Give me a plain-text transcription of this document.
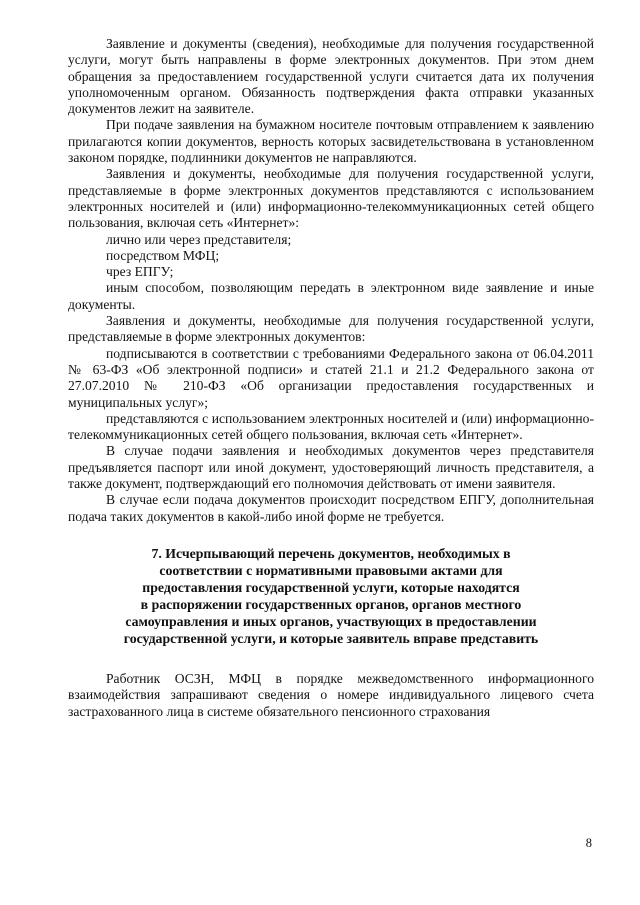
Заявление и документы (сведения), необходимые для получения государственной услуги, могут быть направлены в форме электронных документов. При этом днем обращения за предоставлением государственной услуги считается дата их получения уполномоченным органом. Обязанность подтверждения факта отправки указанных документов лежит на заявителе.

При подаче заявления на бумажном носителе почтовым отправлением к заявлению прилагаются копии документов, верность которых засвидетельствована в установленном законом порядке, подлинники документов не направляются.

Заявления и документы, необходимые для получения государственной услуги, представляемые в форме электронных документов представляются с использованием электронных носителей и (или) информационно-телекоммуникационных сетей общего пользования, включая сеть «Интернет»:

лично или через представителя;

посредством МФЦ;

чрез ЕПГУ;

иным способом, позволяющим передать в электронном виде заявление и иные документы.

Заявления и документы, необходимые для получения государственной услуги, представляемые в форме электронных документов:

подписываются в соответствии с требованиями Федерального закона от 06.04.2011 № 63-ФЗ «Об электронной подписи» и статей 21.1 и 21.2 Федерального закона от 27.07.2010 № 210-ФЗ «Об организации предоставления государственных и муниципальных услуг»;

представляются с использованием электронных носителей и (или) информационно-телекоммуникационных сетей общего пользования, включая сеть «Интернет».

В случае подачи заявления и необходимых документов через представителя предъявляется паспорт или иной документ, удостоверяющий личность представителя, а также документ, подтверждающий его полномочия действовать от имени заявителя.

В случае если подача документов происходит посредством ЕПГУ, дополнительная подача таких документов в какой-либо иной форме не требуется.

7. Исчерпывающий перечень документов, необходимых в
соответствии с нормативными правовыми актами для
предоставления государственной услуги, которые находятся
в распоряжении государственных органов, органов местного
самоуправления и иных органов, участвующих в предоставлении
государственной услуги, и которые заявитель вправе представить

Работник ОСЗН, МФЦ в порядке межведомственного информационного взаимодействия запрашивают сведения о номере индивидуального лицевого счета застрахованного лица в системе обязательного пенсионного страхования

8
